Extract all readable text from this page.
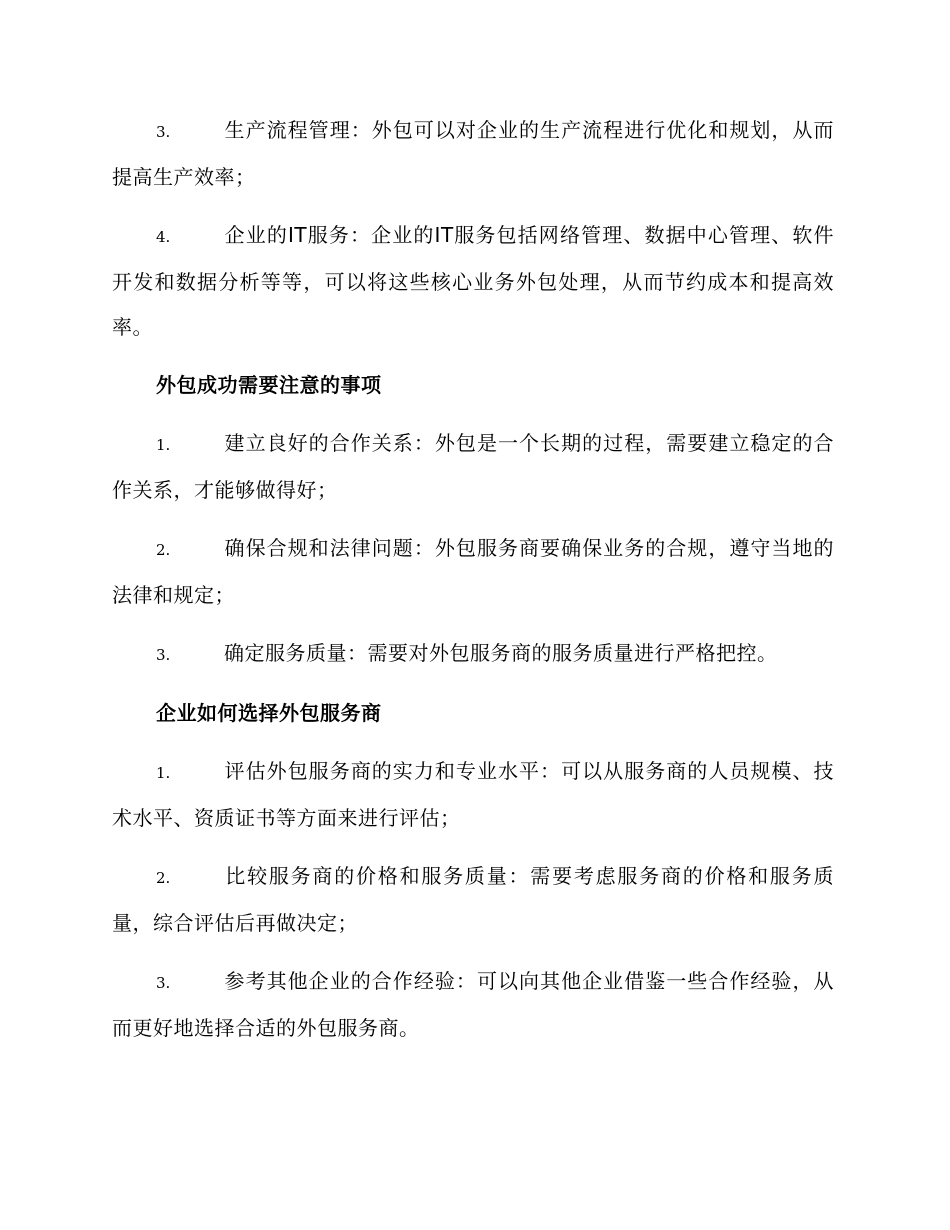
3.	生产流程管理：外包可以对企业的生产流程进行优化和规划，从而提高生产效率；

4.	企业的IT服务：企业的IT服务包括网络管理、数据中心管理、软件开发和数据分析等等，可以将这些核心业务外包处理，从而节约成本和提高效率。

外包成功需要注意的事项

1.	建立良好的合作关系：外包是一个长期的过程，需要建立稳定的合作关系，才能够做得好；

2.	确保合规和法律问题：外包服务商要确保业务的合规，遵守当地的法律和规定；

3.	确定服务质量：需要对外包服务商的服务质量进行严格把控。

企业如何选择外包服务商

1.	评估外包服务商的实力和专业水平：可以从服务商的人员规模、技术水平、资质证书等方面来进行评估；

2.	比较服务商的价格和服务质量：需要考虑服务商的价格和服务质量，综合评估后再做决定；

3.	参考其他企业的合作经验：可以向其他企业借鉴一些合作经验，从而更好地选择合适的外包服务商。
